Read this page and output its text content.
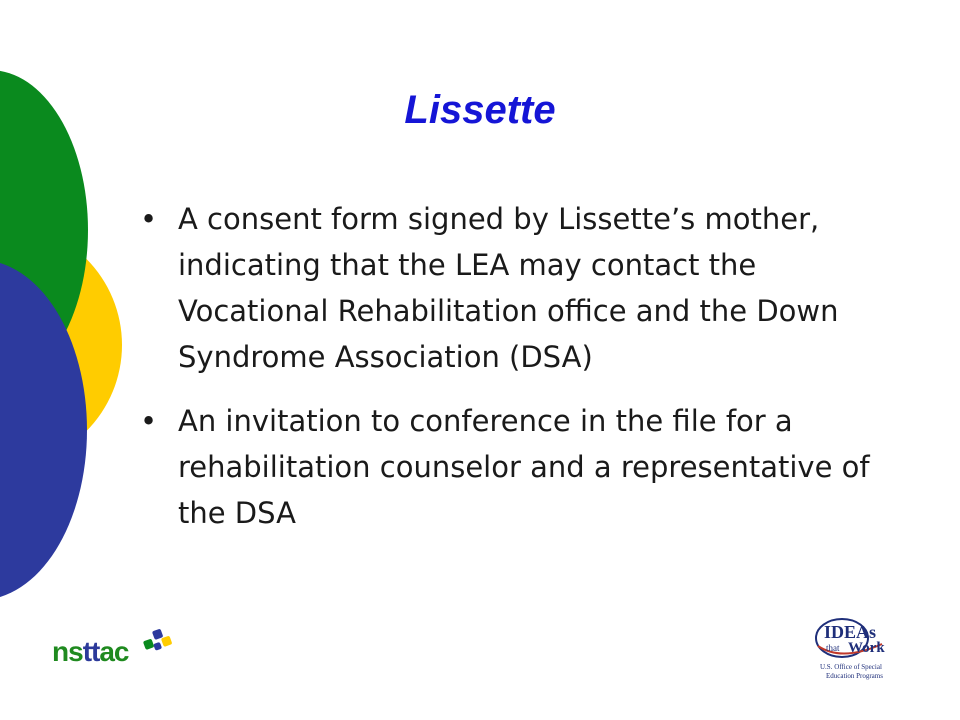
Lissette
• A consent form signed by Lissette’s mother, indicating that the LEA may contact the Vocational Rehabilitation office and the Down Syndrome Association (DSA)
• An invitation to conference in the file for a rehabilitation counselor and a representative of the DSA
nsttac
IDEAs
that Work
U.S. Office of Special
Education Programs
